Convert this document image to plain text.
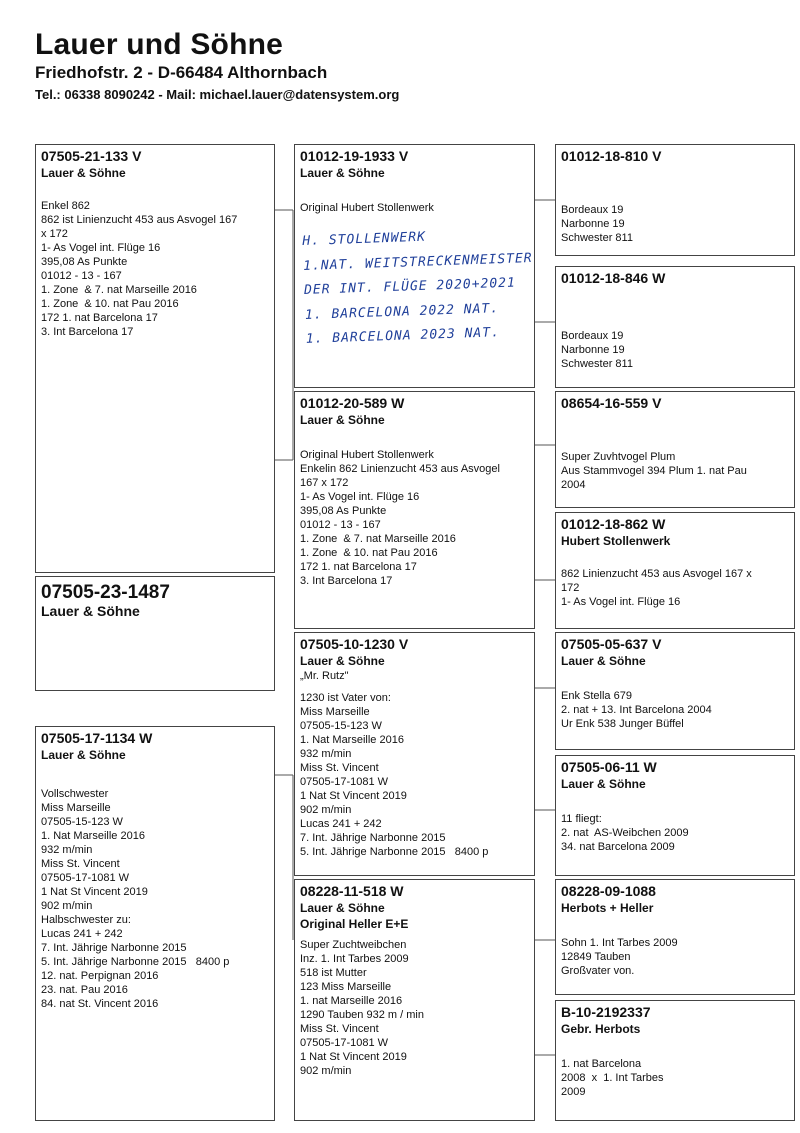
Lauer und Söhne
Friedhofstr. 2 - D-66484 Althornbach
Tel.: 06338 8090242 - Mail: michael.lauer@datensystem.org
07505-21-133 V
Lauer & Söhne
Enkel 862
862 ist Linienzucht 453 aus Asvogel 167
x 172
1- As Vogel int. Flüge 16
395,08 As Punkte
01012 - 13 - 167
1. Zone  & 7. nat Marseille 2016
1. Zone  & 10. nat Pau 2016
172 1. nat Barcelona 17
3. Int Barcelona 17
07505-23-1487
Lauer & Söhne
07505-17-1134 W
Lauer & Söhne
Vollschwester
Miss Marseille
07505-15-123 W
1. Nat Marseille 2016
932 m/min
Miss St. Vincent
07505-17-1081 W
1 Nat St Vincent 2019
902 m/min
Halbschwester zu:
Lucas 241 + 242
7. Int. Jährige Narbonne 2015
5. Int. Jährige Narbonne 2015   8400 p
12. nat. Perpignan 2016
23. nat. Pau 2016
84. nat St. Vincent 2016
01012-19-1933 V
Lauer & Söhne
Original Hubert Stollenwerk
H. STOLLENWERK
1.NAT. WEITSTRECKENMEISTER
DER INT. FLÜGE 2020+2021
1. BARCELONA 2022 NAT.
1. BARCELONA 2023 NAT.
01012-20-589 W
Lauer & Söhne
Original Hubert Stollenwerk
Enkelin 862 Linienzucht 453 aus Asvogel
167 x 172
1- As Vogel int. Flüge 16
395,08 As Punkte
01012 - 13 - 167
1. Zone  & 7. nat Marseille 2016
1. Zone  & 10. nat Pau 2016
172 1. nat Barcelona 17
3. Int Barcelona 17
07505-10-1230 V
Lauer & Söhne
„Mr. Rutz"
1230 ist Vater von:
Miss Marseille
07505-15-123 W
1. Nat Marseille 2016
932 m/min
Miss St. Vincent
07505-17-1081 W
1 Nat St Vincent 2019
902 m/min
Lucas 241 + 242
7. Int. Jährige Narbonne 2015
5. Int. Jährige Narbonne 2015   8400 p
08228-11-518 W
Lauer & Söhne
Original Heller E+E
Super Zuchtweibchen
Inz. 1. Int Tarbes 2009
518 ist Mutter
123 Miss Marseille
1. nat Marseille 2016
1290 Tauben 932 m / min
Miss St. Vincent
07505-17-1081 W
1 Nat St Vincent 2019
902 m/min
01012-18-810 V
Bordeaux 19
Narbonne 19
Schwester 811
01012-18-846 W
Bordeaux 19
Narbonne 19
Schwester 811
08654-16-559 V
Super Zuvhtvogel Plum
Aus Stammvogel 394 Plum 1. nat Pau
2004
01012-18-862 W
Hubert Stollenwerk
862 Linienzucht 453 aus Asvogel 167 x
172
1- As Vogel int. Flüge 16
07505-05-637 V
Lauer & Söhne
Enk Stella 679
2. nat + 13. Int Barcelona 2004
Ur Enk 538 Junger Büffel
07505-06-11 W
Lauer & Söhne
11 fliegt:
2. nat  AS-Weibchen 2009
34. nat Barcelona 2009
08228-09-1088
Herbots + Heller
Sohn 1. Int Tarbes 2009
12849 Tauben
Großvater von.
B-10-2192337
Gebr. Herbots
1. nat Barcelona
2008  x  1. Int Tarbes
2009
